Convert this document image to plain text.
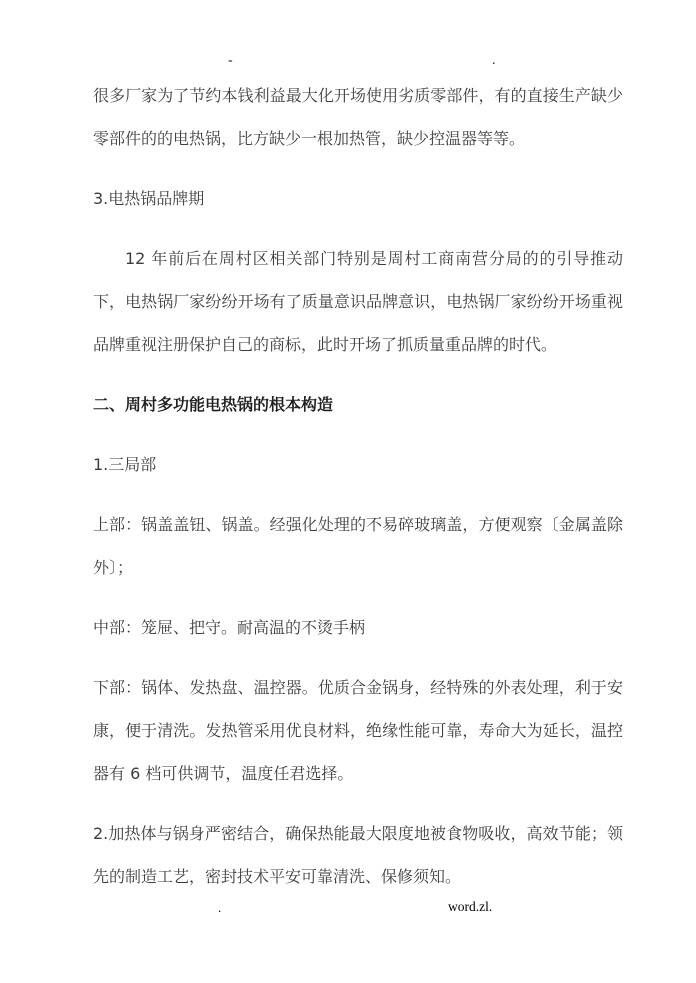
-	.

很多厂家为了节约本钱利益最大化开场使用劣质零部件，有的直接生产缺少零部件的的电热锅，比方缺少一根加热管，缺少控温器等等。

3.电热锅品牌期

12 年前后在周村区相关部门特别是周村工商南营分局的的引导推动下，电热锅厂家纷纷开场有了质量意识品牌意识，电热锅厂家纷纷开场重视品牌重视注册保护自己的商标，此时开场了抓质量重品牌的时代。

二、周村多功能电热锅的根本构造

1.三局部

上部：锅盖盖钮、锅盖。经强化处理的不易碎玻璃盖，方便观察〔金属盖除外〕；

中部：笼屉、把守。耐高温的不烫手柄

下部：锅体、发热盘、温控器。优质合金锅身，经特殊的外表处理，利于安康，便于清洗。发热管采用优良材料，绝缘性能可靠，寿命大为延长，温控器有 6 档可供调节，温度任君选择。

2.加热体与锅身严密结合，确保热能最大限度地被食物吸收，高效节能；领先的制造工艺，密封技术平安可靠清洗、保修须知。

.	word.zl.
